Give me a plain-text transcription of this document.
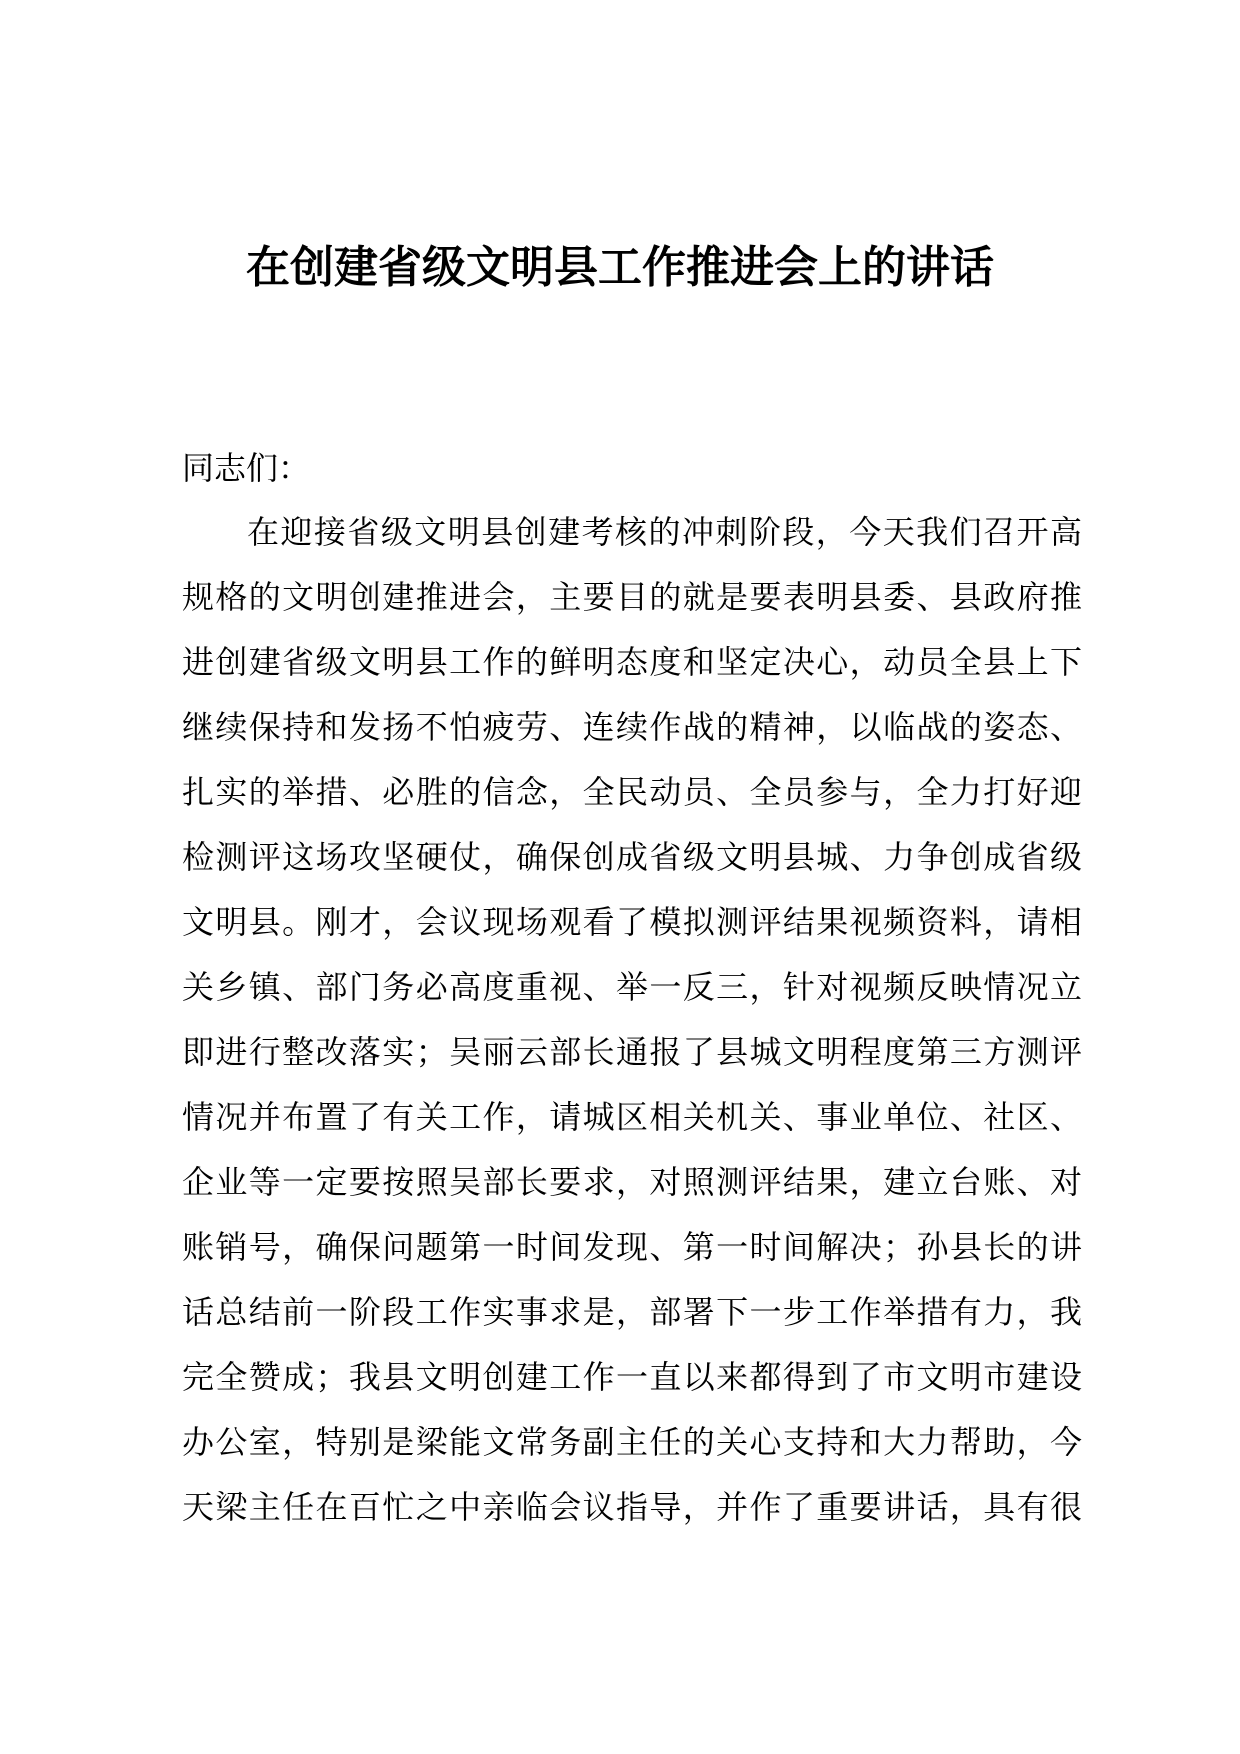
在创建省级文明县工作推进会上的讲话

同志们：

在迎接省级文明县创建考核的冲刺阶段，今天我们召开高
规格的文明创建推进会，主要目的就是要表明县委、县政府推
进创建省级文明县工作的鲜明态度和坚定决心，动员全县上下
继续保持和发扬不怕疲劳、连续作战的精神，以临战的姿态、
扎实的举措、必胜的信念，全民动员、全员参与，全力打好迎
检测评这场攻坚硬仗，确保创成省级文明县城、力争创成省级
文明县。刚才，会议现场观看了模拟测评结果视频资料，请相
关乡镇、部门务必高度重视、举一反三，针对视频反映情况立
即进行整改落实；吴丽云部长通报了县城文明程度第三方测评
情况并布置了有关工作，请城区相关机关、事业单位、社区、
企业等一定要按照吴部长要求，对照测评结果，建立台账、对
账销号，确保问题第一时间发现、第一时间解决；孙县长的讲
话总结前一阶段工作实事求是，部署下一步工作举措有力，我
完全赞成；我县文明创建工作一直以来都得到了市文明市建设
办公室，特别是梁能文常务副主任的关心支持和大力帮助，今
天梁主任在百忙之中亲临会议指导，并作了重要讲话，具有很
